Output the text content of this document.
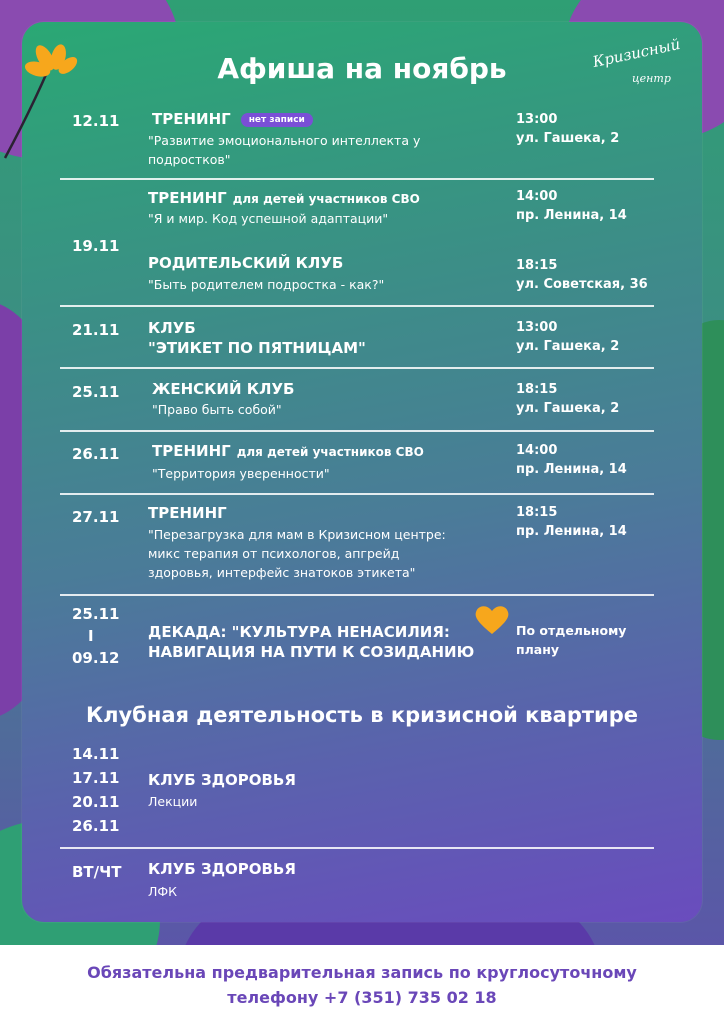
Афиша на ноябрь	Кризисный
центр
12.11 ТРЕНИНГ нет записи
"Развитие эмоционального интеллекта у подростков"
13:00
ул. Гашека, 2
19.11
ТРЕНИНГ для детей участников СВО
"Я и мир. Код успешной адаптации"
14:00
пр. Ленина, 14
РОДИТЕЛЬСКИЙ КЛУБ
"Быть родителем подростка - как?"
18:15
ул. Советская, 36
21.11 КЛУБ
"ЭТИКЕТ ПО ПЯТНИЦАМ"
13:00
ул. Гашека, 2
25.11 ЖЕНСКИЙ КЛУБ
"Право быть собой"
18:15
ул. Гашека, 2
26.11 ТРЕНИНГ для детей участников СВО
"Территория уверенности"
14:00
пр. Ленина, 14
27.11 ТРЕНИНГ
"Перезагрузка для мам в Кризисном центре:
микс терапия от психологов, апгрейд
здоровья, интерфейс знатоков этикета"
18:15
пр. Ленина, 14
25.11
I
09.12
ДЕКАДА: "КУЛЬТУРА НЕНАСИЛИЯ:
НАВИГАЦИЯ НА ПУТИ К СОЗИДАНИЮ
По отдельному
плану
Клубная деятельность в кризисной квартире
14.11
17.11
20.11
26.11
КЛУБ ЗДОРОВЬЯ
Лекции
ВТ/ЧТ КЛУБ ЗДОРОВЬЯ
ЛФК
Обязательна предварительная запись по круглосуточному
телефону +7 (351) 735 02 18
